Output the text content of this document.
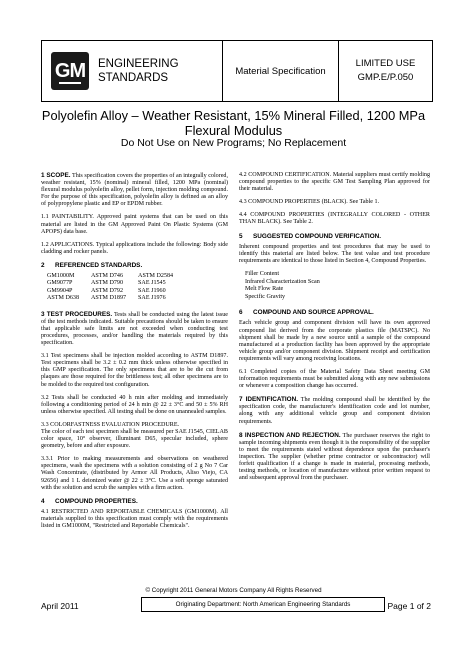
GM	ENGINEERING
STANDARDS
Material Specification
LIMITED USE
GMP.E/P.050
Polyolefin Alloy – Weather Resistant, 15% Mineral Filled, 1200 MPa
Flexural Modulus
Do Not Use on New Programs; No Replacement

1 SCOPE. This specification covers the properties of an integrally colored, weather resistant, 15% (nominal) mineral filled, 1200 MPa (nominal) flexural modulus polyolefin alloy, pellet form, injection molding compound. For the purpose of this specification, polyolefin alloy is defined as an alloy of polypropylene plastic and EP or EPDM rubber.

1.1 PAINTABILITY. Approved paint systems that can be used on this material are listed in the GM Approved Paint On Plastic Systems (GM APOPS) data base.

1.2 APPLICATIONS. Typical applications include the following: Body side cladding and rocker panels.

2 REFERENCED STANDARDS.
GM1000M	ASTM D746	ASTM D2584
GM9077P	ASTM D790	SAE J1545
GM9904P	ASTM D792	SAE J1960
ASTM D638	ASTM D1897	SAE J1976

3 TEST PROCEDURES. Tests shall be conducted using the latest issue of the test methods indicated. Suitable precautions should be taken to ensure that applicable safe limits are not exceeded when conducting test procedures, processes, and/or handling the materials required by this specification.

3.1 Test specimens shall be injection molded according to ASTM D1897. Test specimens shall be 3.2 ± 0.2 mm thick unless otherwise specified in this GMP specification. The only specimens that are to be die cut from plaques are those required for the brittleness test; all other specimens are to be molded to the required test configuration.

3.2 Tests shall be conducted 40 h min after molding and immediately following a conditioning period of 24 h min @ 22 ± 3°C and 50 ± 5% RH unless otherwise specified. All testing shall be done on unannealed samples.

3.3 COLORFASTNESS EVALUATION PROCEDURE.
The color of each test specimen shall be measured per SAE J1545, CIELAB color space, 10° observer, illuminant D65, specular included, sphere geometry, before and after exposure.

3.3.1 Prior to making measurements and observations on weathered specimens, wash the specimens with a solution consisting of 2 g No 7 Car Wash Concentrate, (distributed by Armor All Products, Aliso Viejo, CA 92656) and 1 L deionized water @ 22 ± 3°C. Use a soft sponge saturated with the solution and scrub the samples with a firm action.

4 COMPOUND PROPERTIES.

4.1 RESTRICTED AND REPORTABLE CHEMICALS (GM1000M). All materials supplied to this specification must comply with the requirements listed in GM1000M, "Restricted and Reportable Chemicals".

4.2 COMPOUND CERTIFICATION. Material suppliers must certify molding compound properties to the specific GM Test Sampling Plan approved for their material.

4.3 COMPOUND PROPERTIES (BLACK). See Table 1.

4.4 COMPOUND PROPERTIES (INTEGRALLY COLORED - OTHER THAN BLACK). See Table 2.

5 SUGGESTED COMPOUND VERIFICATION.

Inherent compound properties and test procedures that may be used to identify this material are listed below. The test value and test procedure requirements are identical to those listed in Section 4, Compound Properties.

Filler Content
Infrared Characterization Scan
Melt Flow Rate
Specific Gravity
6 COMPOUND AND SOURCE APPROVAL.

Each vehicle group and component division will have its own approved compound list derived from the corporate plastics file (MATSPC). No shipment shall be made by a new source until a sample of the compound manufactured at a production facility has been approved by the appropriate vehicle group and/or component division. Shipment receipt and certification requirements will vary among receiving locations.

6.1 Completed copies of the Material Safety Data Sheet meeting GM information requirements must be submitted along with any new submissions or whenever a composition change has occurred.

7 IDENTIFICATION. The molding compound shall be identified by the specification code, the manufacturer's identification code and lot number, along with any additional vehicle group and component division requirements.

8 INSPECTION AND REJECTION. The purchaser reserves the right to sample incoming shipments even though it is the responsibility of the supplier to meet the requirements stated without dependence upon the purchaser's inspection. The supplier (whether prime contractor or subcontractor) will forfeit qualification if a change is made in material, processing methods, testing methods, or location of manufacture without prior written request to and subsequent approval from the purchaser.

© Copyright 2011 General Motors Company All Rights Reserved
April 2011	Originating Department: North American Engineering Standards	Page 1 of 2
